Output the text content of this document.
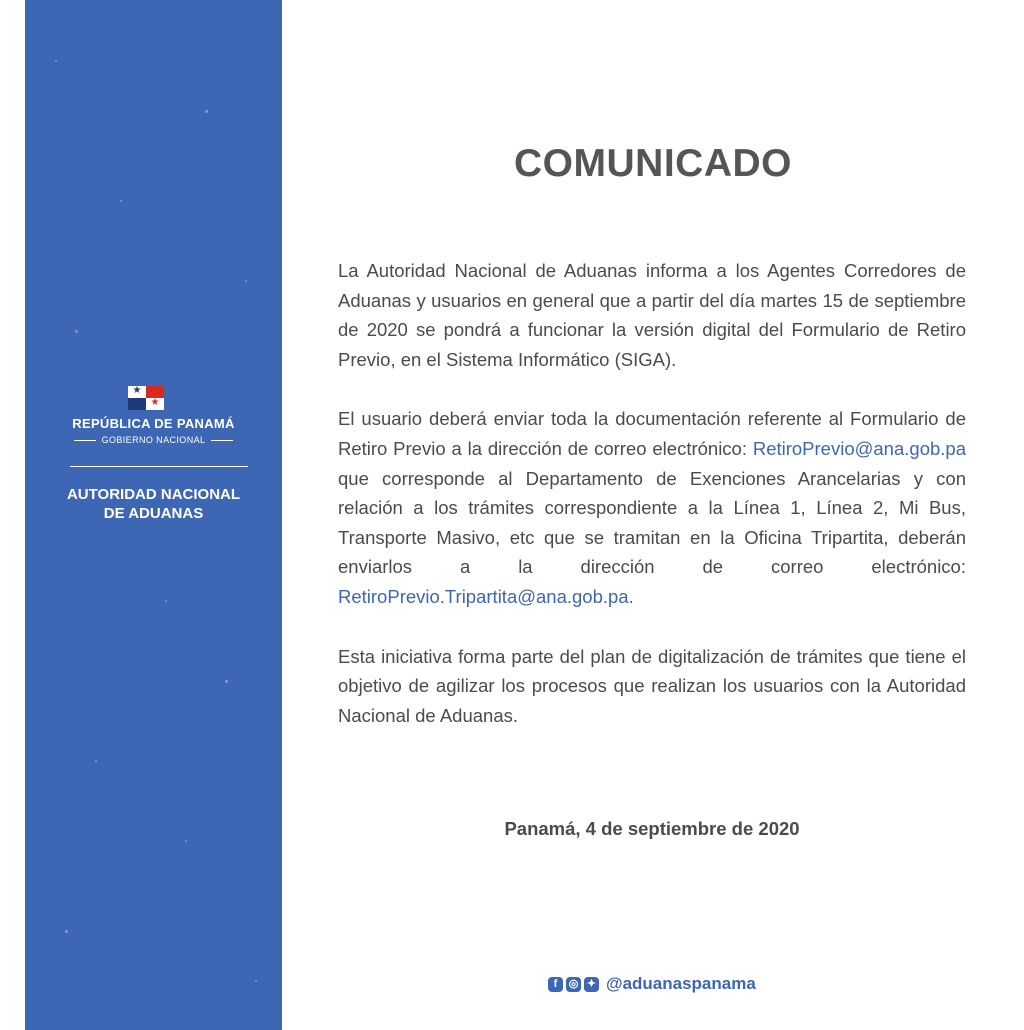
★
★
REPÚBLICA DE PANAMÁ
GOBIERNO NACIONAL
AUTORIDAD NACIONAL
DE ADUANAS
COMUNICADO

La Autoridad Nacional de Aduanas informa a los Agentes Corredores de Aduanas y usuarios en general que a partir del día martes 15 de septiembre de 2020 se pondrá a funcionar la versión digital del Formulario de Retiro Previo, en el Sistema Informático (SIGA).

El usuario deberá enviar toda la documentación referente al Formulario de Retiro Previo a la dirección de correo electrónico: RetiroPrevio@ana.gob.pa que corresponde al Departamento de Exenciones Arancelarias y con relación a los trámites correspondiente a la Línea 1, Línea 2, Mi Bus, Transporte Masivo, etc que se tramitan en la Oficina Tripartita, deberán enviarlos a la dirección de correo electrónico: RetiroPrevio.Tripartita@ana.gob.pa.

Esta iniciativa forma parte del plan de digitalización de trámites que tiene el objetivo de agilizar los procesos que realizan los usuarios con la Autoridad Nacional de Aduanas.

Panamá, 4 de septiembre de 2020
f	◎ ✦ @aduanaspanama
